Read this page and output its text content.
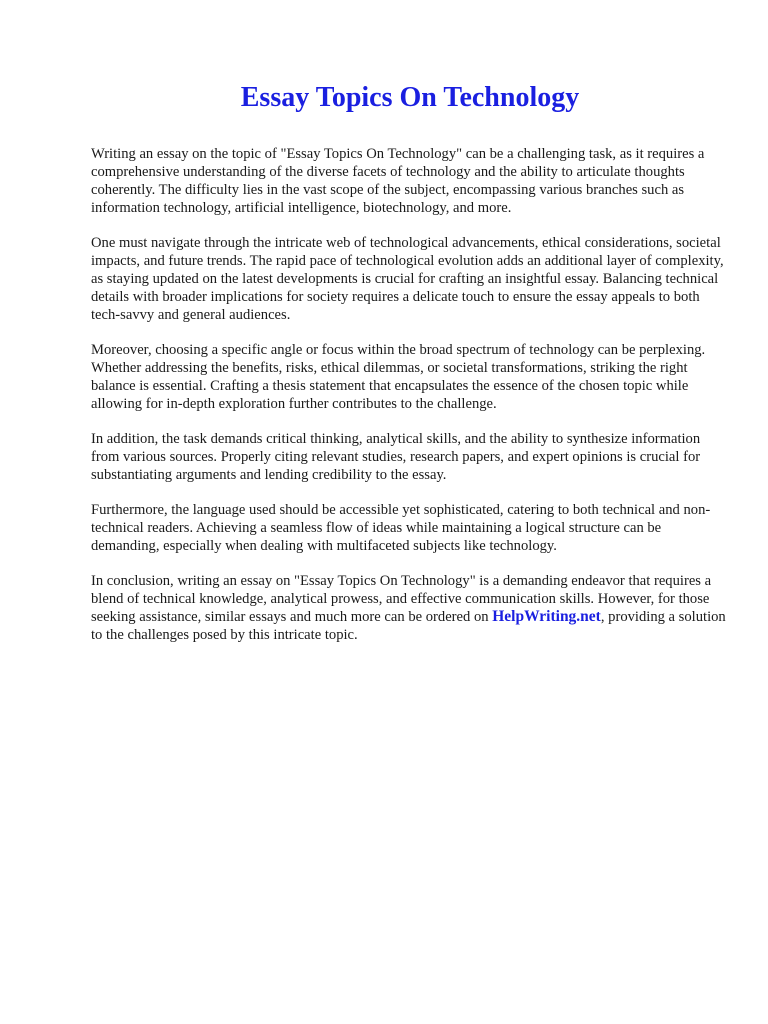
Essay Topics On Technology

Writing an essay on the topic of "Essay Topics On Technology" can be a challenging task, as it requires a comprehensive understanding of the diverse facets of technology and the ability to articulate thoughts coherently. The difficulty lies in the vast scope of the subject, encompassing various branches such as information technology, artificial intelligence, biotechnology, and more.

One must navigate through the intricate web of technological advancements, ethical considerations, societal impacts, and future trends. The rapid pace of technological evolution adds an additional layer of complexity, as staying updated on the latest developments is crucial for crafting an insightful essay. Balancing technical details with broader implications for society requires a delicate touch to ensure the essay appeals to both tech-savvy and general audiences.

Moreover, choosing a specific angle or focus within the broad spectrum of technology can be perplexing. Whether addressing the benefits, risks, ethical dilemmas, or societal transformations, striking the right balance is essential. Crafting a thesis statement that encapsulates the essence of the chosen topic while allowing for in-depth exploration further contributes to the challenge.

In addition, the task demands critical thinking, analytical skills, and the ability to synthesize information from various sources. Properly citing relevant studies, research papers, and expert opinions is crucial for substantiating arguments and lending credibility to the essay.

Furthermore, the language used should be accessible yet sophisticated, catering to both technical and non-technical readers. Achieving a seamless flow of ideas while maintaining a logical structure can be demanding, especially when dealing with multifaceted subjects like technology.

In conclusion, writing an essay on "Essay Topics On Technology" is a demanding endeavor that requires a blend of technical knowledge, analytical prowess, and effective communication skills. However, for those seeking assistance, similar essays and much more can be ordered on HelpWriting.net, providing a solution to the challenges posed by this intricate topic.
